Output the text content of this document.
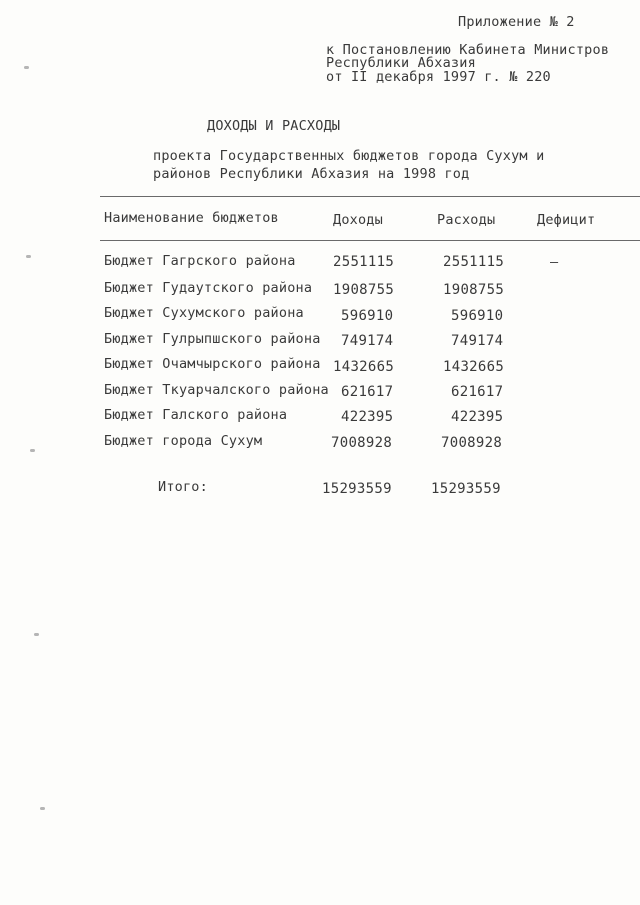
Приложение № 2
к Постановлению Кабинета Министров
Республики Абхазия
от II декабря 1997 г. № 220
ДОХОДЫ И РАСХОДЫ
проекта Государственных бюджетов города Сухум и
районов Республики Абхазия на 1998 год
Наименование бюджетов	Доходы	Расходы	Дефицит
Бюджет Гагрского района	2551115	2551115	—
Бюджет Гудаутского района 1908755	1908755
Бюджет Сухумского района	596910	596910
Бюджет Гулрыпшского района 749174	749174
Бюджет Очамчырского района 1432665	1432665
Бюджет Ткуарчалского района 621617	621617
Бюджет Галского района	422395	422395
Бюджет города Сухум	7008928	7008928
Итого:	15293559	15293559
